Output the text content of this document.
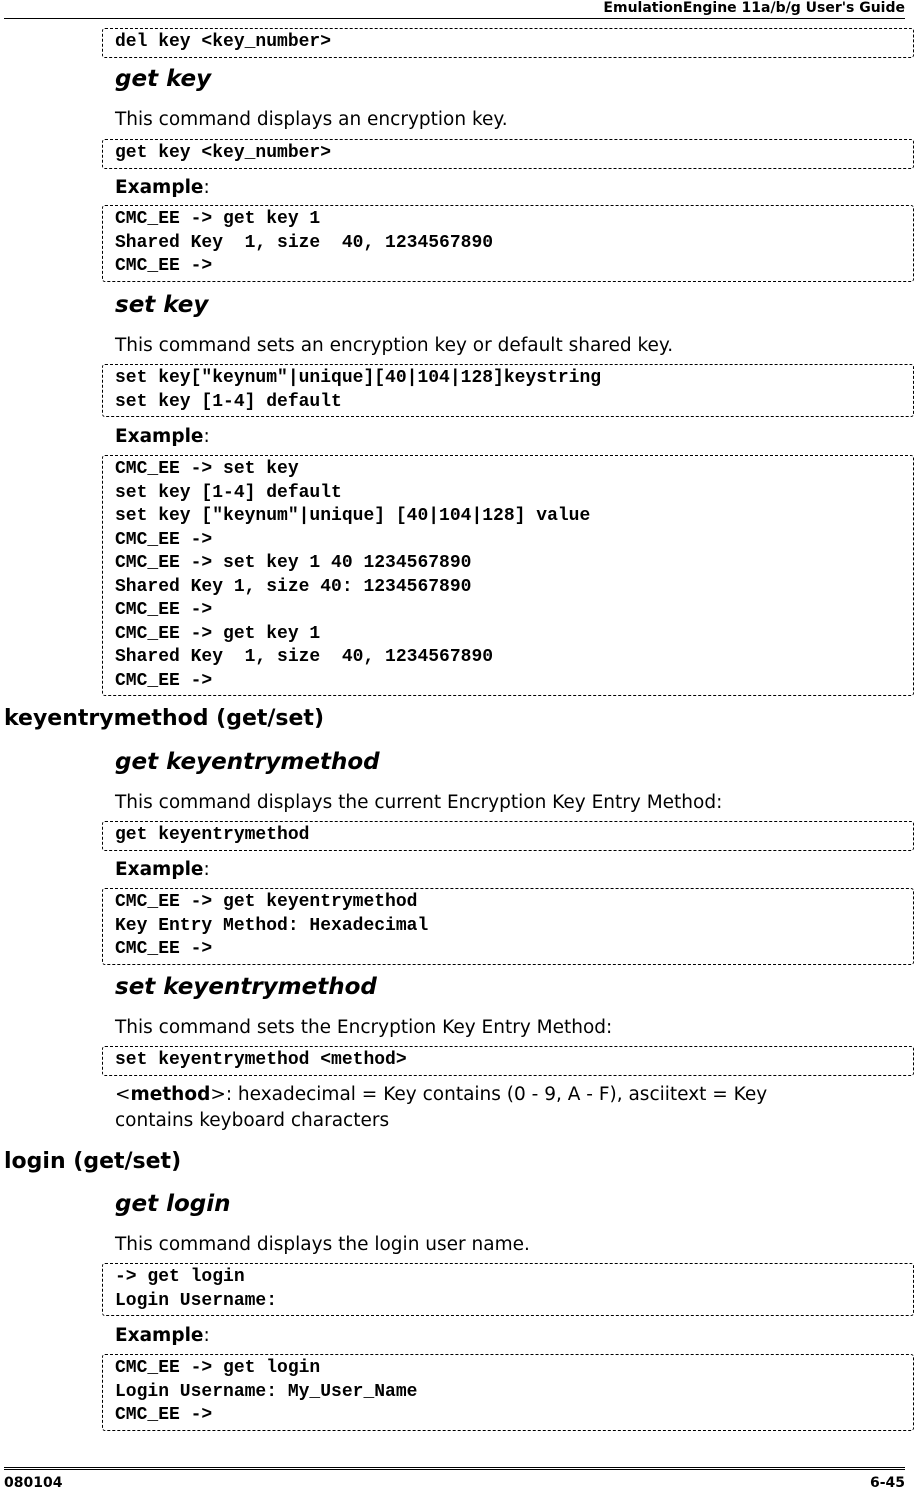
EmulationEngine 11a/b/g User's Guide
del key <key_number>
get key
This command displays an encryption key.
get key <key_number>
Example:
CMC_EE -> get key 1
Shared Key  1, size  40, 1234567890
CMC_EE ->
set key
This command sets an encryption key or default shared key.
set key["keynum"|unique][40|104|128]keystring
set key [1-4] default
Example:
CMC_EE -> set key
set key [1-4] default
set key ["keynum"|unique] [40|104|128] value
CMC_EE ->
CMC_EE -> set key 1 40 1234567890
Shared Key 1, size 40: 1234567890
CMC_EE ->
CMC_EE -> get key 1
Shared Key  1, size  40, 1234567890
CMC_EE ->
keyentrymethod (get/set)
get keyentrymethod
This command displays the current Encryption Key Entry Method:
get keyentrymethod
Example:
CMC_EE -> get keyentrymethod
Key Entry Method: Hexadecimal
CMC_EE ->
set keyentrymethod
This command sets the Encryption Key Entry Method:
set keyentrymethod <method>
<method>: hexadecimal = Key contains (0 - 9, A - F), asciitext = Key
contains keyboard characters
login (get/set)
get login
This command displays the login user name.
-> get login
Login Username:
Example:
CMC_EE -> get login
Login Username: My_User_Name
CMC_EE ->
080104	6-45
